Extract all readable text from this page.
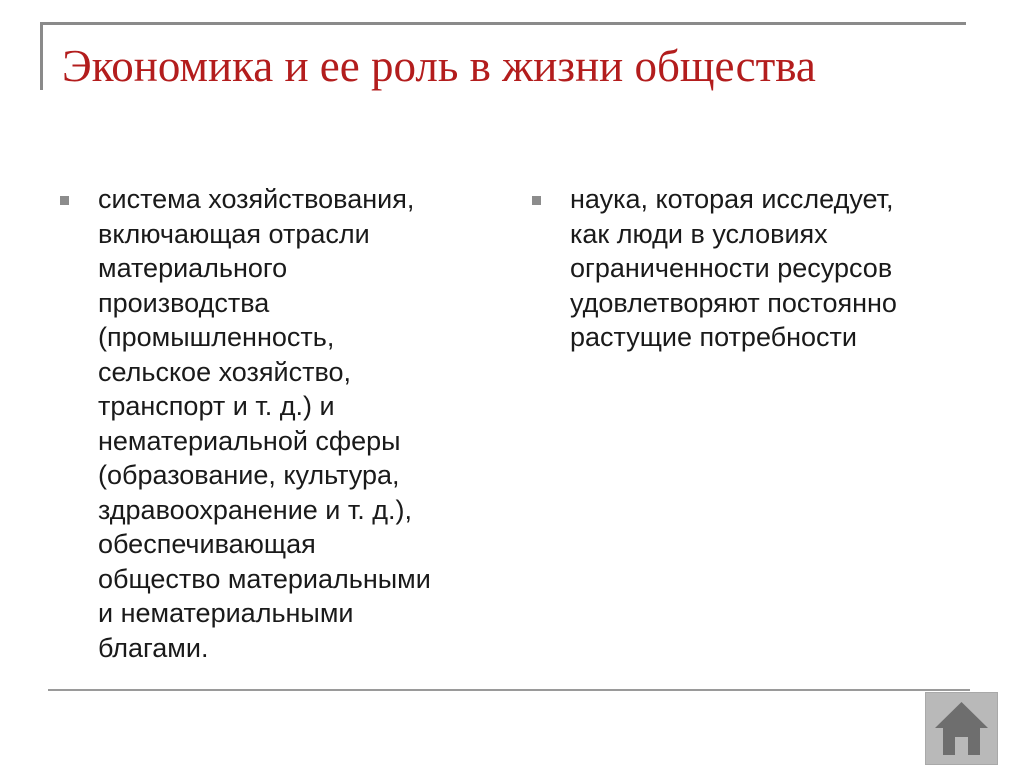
Экономика и ее роль в жизни общества

система хозяйствования,
включающая отрасли
материального
производства
(промышленность,
сельское хозяйство,
транспорт и т. д.) и
нематериальной сферы
(образование, культура,
здравоохранение и т. д.),
обеспечивающая
общество материальными
и нематериальными
благами.

наука, которая исследует,
как люди в условиях
ограниченности ресурсов
удовлетворяют постоянно
растущие потребности
